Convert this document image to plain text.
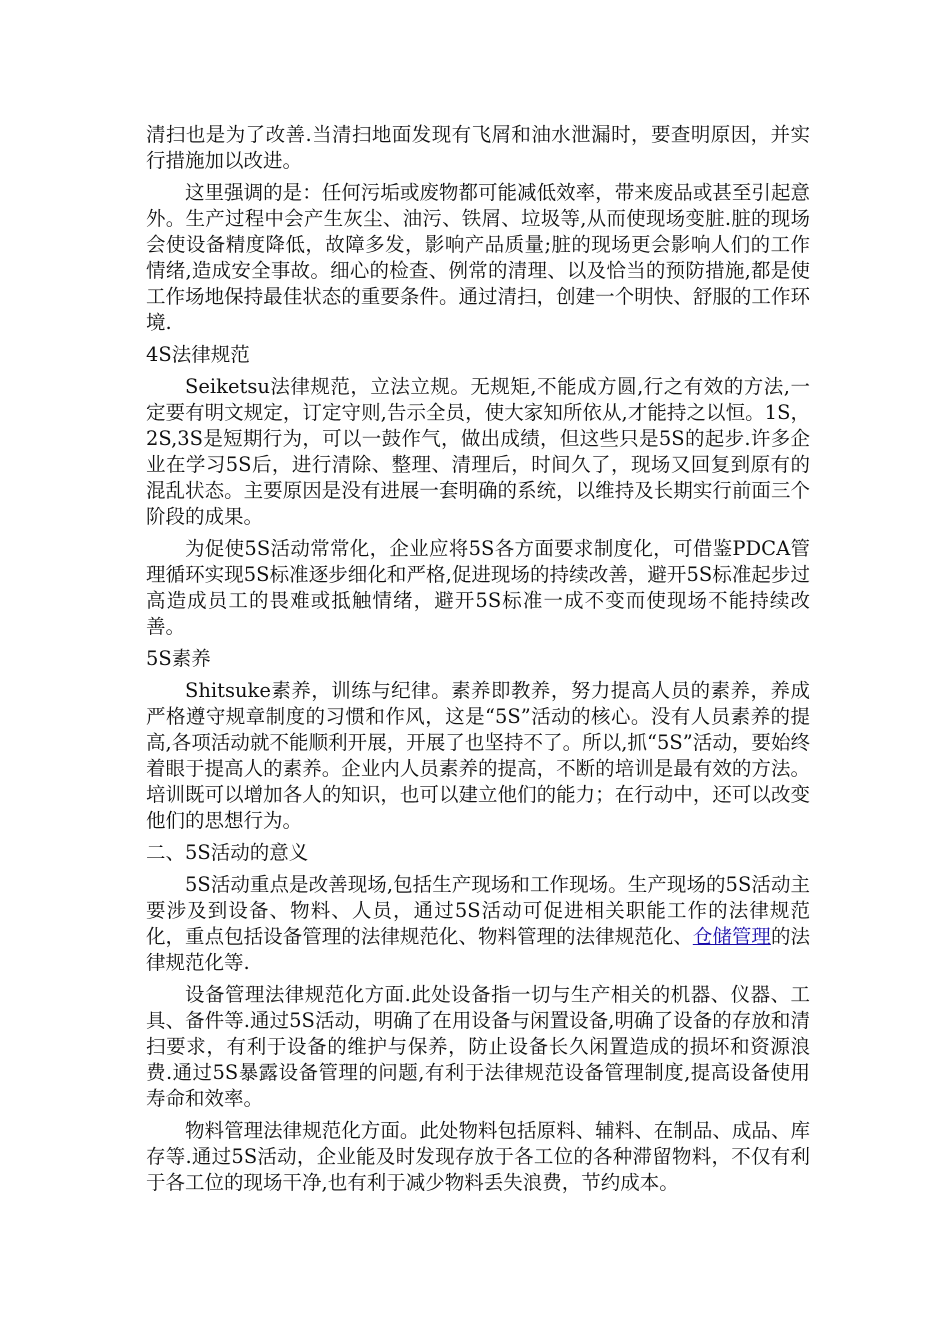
清扫也是为了改善.当清扫地面发现有飞屑和油水泄漏时，要查明原因，并实行措施加以改进。

这里强调的是：任何污垢或废物都可能减低效率，带来废品或甚至引起意外。生产过程中会产生灰尘、油污、铁屑、垃圾等,从而使现场变脏.脏的现场会使设备精度降低，故障多发，影响产品质量;脏的现场更会影响人们的工作情绪,造成安全事故。细心的检查、例常的清理、以及恰当的预防措施,都是使工作场地保持最佳状态的重要条件。通过清扫，创建一个明快、舒服的工作环境.

4S法律规范

Seiketsu法律规范，立法立规。无规矩,不能成方圆,行之有效的方法,一定要有明文规定，订定守则,告示全员，使大家知所依从,才能持之以恒。1S，2S,3S是短期行为，可以一鼓作气，做出成绩，但这些只是5S的起步.许多企业在学习5S后，进行清除、整理、清理后，时间久了，现场又回复到原有的混乱状态。主要原因是没有进展一套明确的系统，以维持及长期实行前面三个阶段的成果。

为促使5S活动常常化，企业应将5S各方面要求制度化，可借鉴PDCA管理循环实现5S标准逐步细化和严格,促进现场的持续改善，避开5S标准起步过高造成员工的畏难或抵触情绪，避开5S标准一成不变而使现场不能持续改善。

5S素养

Shitsuke素养，训练与纪律。素养即教养，努力提高人员的素养，养成严格遵守规章制度的习惯和作风，这是“5S”活动的核心。没有人员素养的提高,各项活动就不能顺利开展，开展了也坚持不了。所以,抓“5S”活动，要始终着眼于提高人的素养。企业内人员素养的提高，不断的培训是最有效的方法。培训既可以增加各人的知识，也可以建立他们的能力；在行动中，还可以改变他们的思想行为。

二、5S活动的意义

5S活动重点是改善现场,包括生产现场和工作现场。生产现场的5S活动主要涉及到设备、物料、人员，通过5S活动可促进相关职能工作的法律规范化，重点包括设备管理的法律规范化、物料管理的法律规范化、仓储管理的法律规范化等.

设备管理法律规范化方面.此处设备指一切与生产相关的机器、仪器、工具、备件等.通过5S活动，明确了在用设备与闲置设备,明确了设备的存放和清扫要求，有利于设备的维护与保养，防止设备长久闲置造成的损坏和资源浪费.通过5S暴露设备管理的问题,有利于法律规范设备管理制度,提高设备使用寿命和效率。

物料管理法律规范化方面。此处物料包括原料、辅料、在制品、成品、库存等.通过5S活动，企业能及时发现存放于各工位的各种滞留物料，不仅有利于各工位的现场干净,也有利于减少物料丢失浪费，节约成本。
